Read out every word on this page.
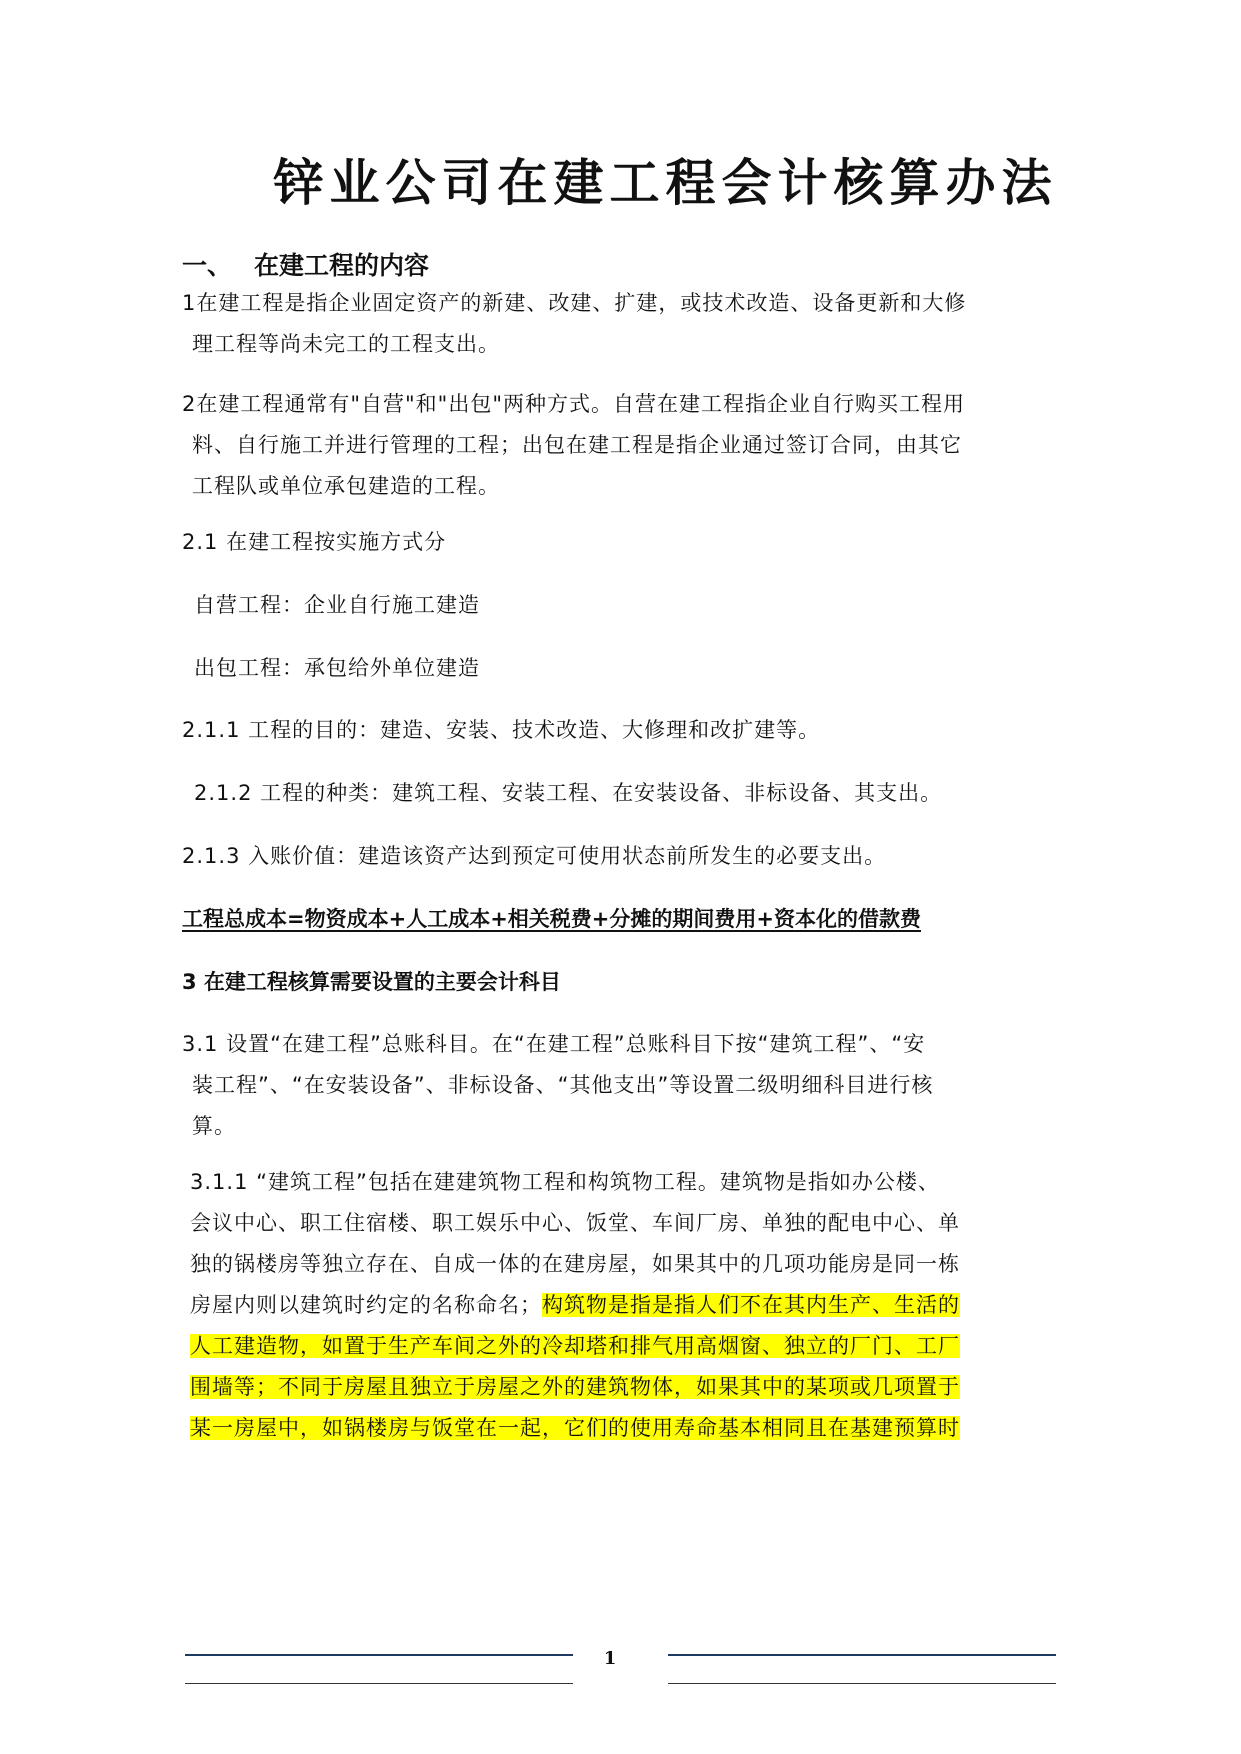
锌业公司在建工程会计核算办法
一、 在建工程的内容
1在建工程是指企业固定资产的新建、改建、扩建，或技术改造、设备更新和大修
理工程等尚未完工的工程支出。
2在建工程通常有"自营"和"出包"两种方式。自营在建工程指企业自行购买工程用
料、自行施工并进行管理的工程；出包在建工程是指企业通过签订合同，由其它
工程队或单位承包建造的工程。
2.1 在建工程按实施方式分
自营工程：企业自行施工建造
出包工程：承包给外单位建造
2.1.1 工程的目的：建造、安装、技术改造、大修理和改扩建等。
2.1.2 工程的种类：建筑工程、安装工程、在安装设备、非标设备、其支出。
2.1.3 入账价值：建造该资产达到预定可使用状态前所发生的必要支出。
工程总成本=物资成本+人工成本+相关税费+分摊的期间费用+资本化的借款费
3 在建工程核算需要设置的主要会计科目
3.1 设置“在建工程”总账科目。在“在建工程”总账科目下按“建筑工程”、“安
装工程”、“在安装设备”、非标设备、“其他支出”等设置二级明细科目进行核
算。
3.1.1 “建筑工程”包括在建建筑物工程和构筑物工程。建筑物是指如办公楼、
会议中心、职工住宿楼、职工娱乐中心、饭堂、车间厂房、单独的配电中心、单
独的锅楼房等独立存在、自成一体的在建房屋，如果其中的几项功能房是同一栋
房屋内则以建筑时约定的名称命名；构筑物是指是指人们不在其内生产、生活的
人工建造物，如置于生产车间之外的冷却塔和排气用高烟窗、独立的厂门、工厂
围墙等；不同于房屋且独立于房屋之外的建筑物体，如果其中的某项或几项置于
某一房屋中，如锅楼房与饭堂在一起，它们的使用寿命基本相同且在基建预算时
1
